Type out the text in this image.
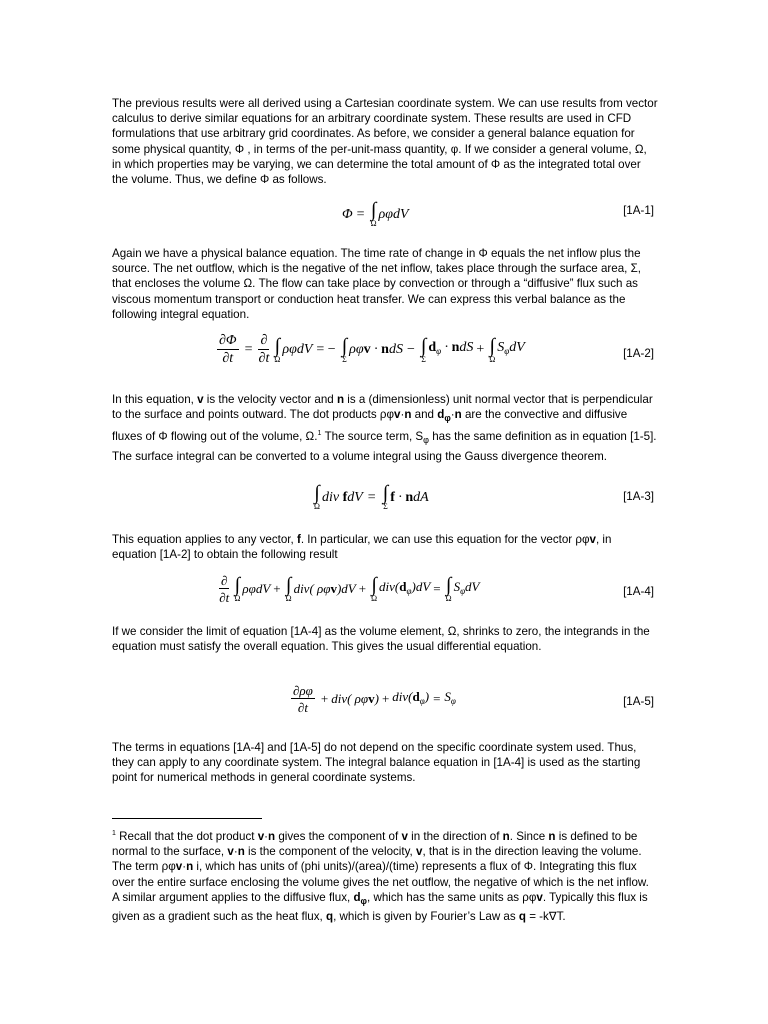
The previous results were all derived using a Cartesian coordinate system. We can use results from vector calculus to derive similar equations for an arbitrary coordinate system. These results are used in CFD formulations that use arbitrary grid coordinates. As before, we consider a general balance equation for some physical quantity, Φ , in terms of the per-unit-mass quantity, φ. If we consider a general volume, Ω, in which properties may be varying, we can determine the total amount of Φ as the integrated total over the volume. Thus, we define Φ as follows.

Φ = ∫
Ω
ρφdV	[1A-1]

Again we have a physical balance equation. The time rate of change in Φ equals the net inflow plus the source. The net outflow, which is the negative of the net inflow, takes place through the surface area, Σ, that encloses the volume Ω. The flow can take place by convection or through a “diffusive” flux such as viscous momentum transport or conduction heat transfer. We can express this verbal balance as the following integral equation.

$\frac{\partial\Phi}{\partial t} = \frac{\partial}{\partial t}$ ∫
Ω
ρφdV = − ∫
Σ
ρφv · ndS − ∫
Σ
$d_\varphi$ · ndS + ∫
Ω
$S_\varphi dV$	[1A-2]

In this equation, v is the velocity vector and n is a (dimensionless) unit normal vector that is perpendicular to the surface and points outward. The dot products ρφv·n and $d_\varphi\cdot n$ are the convective and diffusive fluxes of Φ flowing out of the volume, Ω.$^1$ The source term, $S_\varphi$ has the same definition as in equation [1-5]. The surface integral can be converted to a volume integral using the Gauss divergence theorem.

∫
Ω
div fdV = ∫
Σ
f · ndA	[1A-3]

This equation applies to any vector, f. In particular, we can use this equation for the vector ρφv, in equation [1A-2] to obtain the following result

$\frac{\partial}{\partial t}$ ∫
Ω
ρφdV + ∫
Ω
div( ρφv)dV + ∫
Ω
$div(d_\varphi)dV$ = ∫
Ω
$S_\varphi dV$	[1A-4]

If we consider the limit of equation [1A-4] as the volume element, Ω, shrinks to zero, the integrands in the equation must satisfy the overall equation. This gives the usual differential equation.

$\frac{\partial\rho\varphi}{\partial t} + div$( $\rho\varphi v) + div(d_\varphi) = S_\varphi$	[1A-5]

The terms in equations [1A-4] and [1A-5] do not depend on the specific coordinate system used. Thus, they can apply to any coordinate system. The integral balance equation in [1A-4] is used as the starting point for numerical methods in general coordinate systems.

$^1$ Recall that the dot product v·n gives the component of v in the direction of n. Since n is defined to be normal to the surface, v·n is the component of the velocity, v, that is in the direction leaving the volume. The term ρφv·n i, which has units of (phi units)/(area)/(time) represents a flux of Φ. Integrating this flux over the entire surface enclosing the volume gives the net outflow, the negative of which is the net inflow. A similar argument applies to the diffusive flux, $d_\varphi$, which has the same units as ρφv. Typically this flux is given as a gradient such as the heat flux, q, which is given by Fourier’s Law as q = -k∇T.
